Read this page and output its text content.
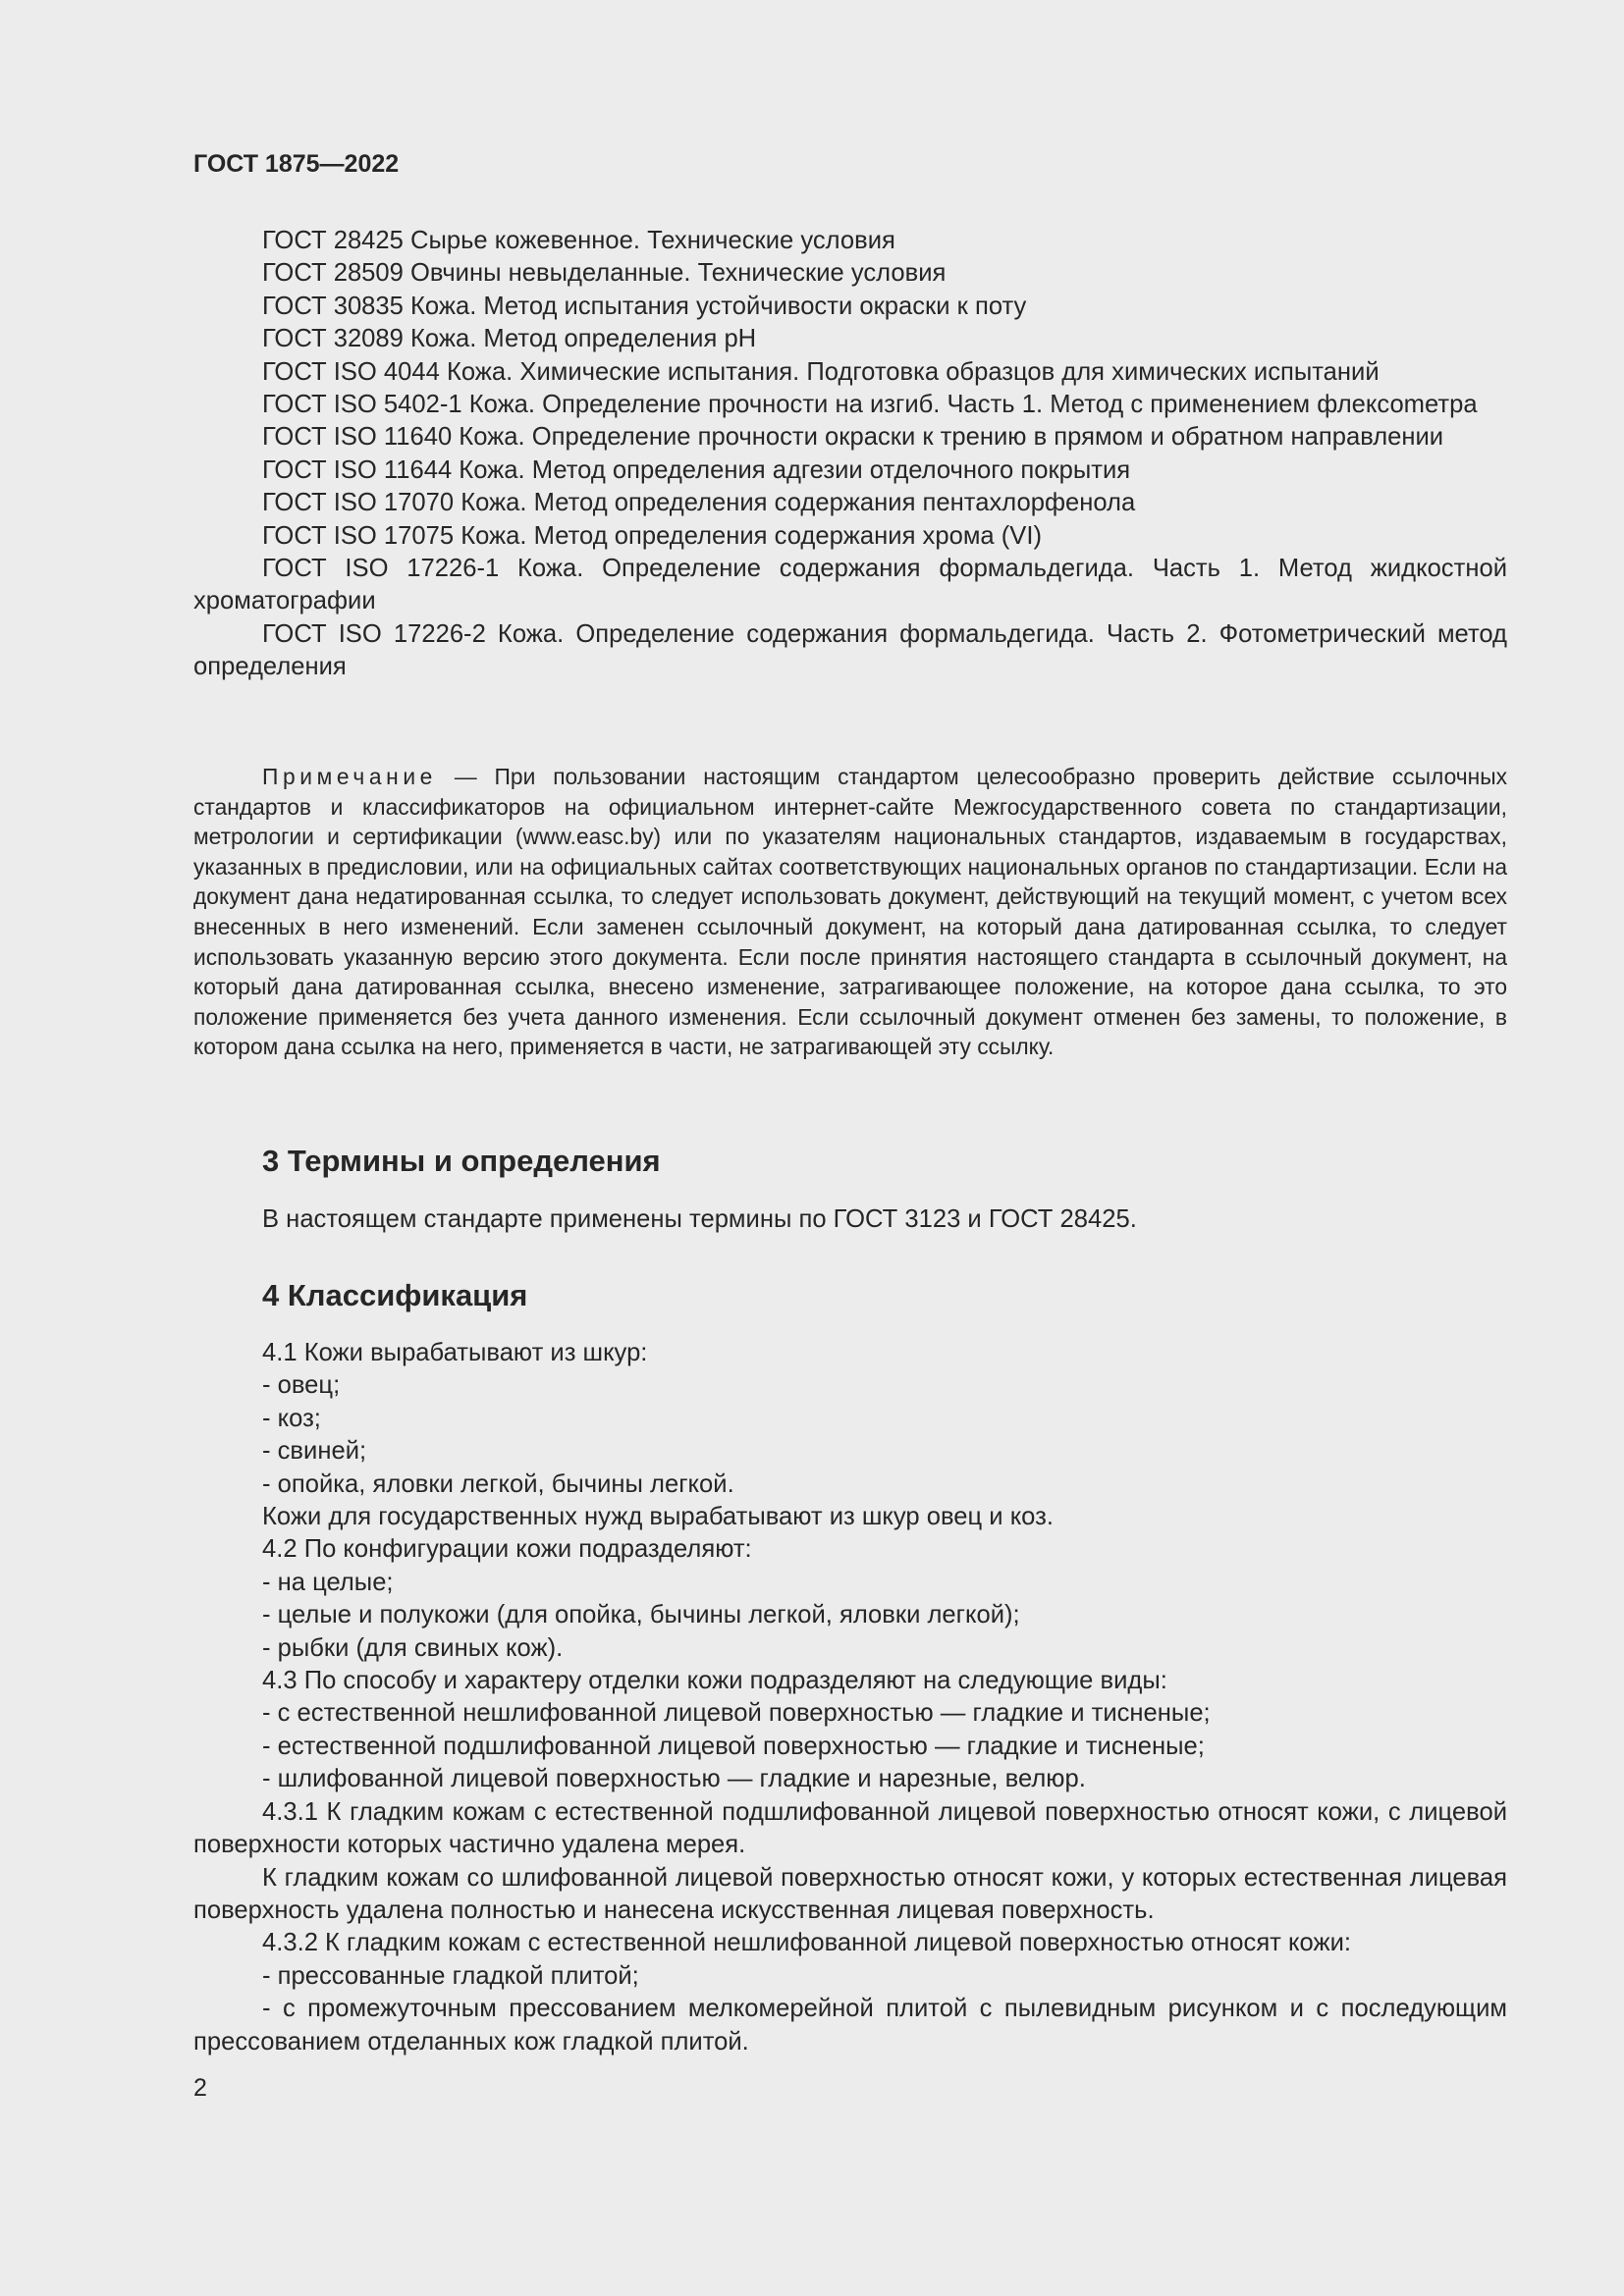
ГОСТ 1875—2022

ГОСТ 28425 Сырье кожевенное. Технические условия

ГОСТ 28509 Овчины невыделанные. Технические условия

ГОСТ 30835 Кожа. Метод испытания устойчивости окраски к поту

ГОСТ 32089 Кожа. Метод определения pH

ГОСТ ISO 4044 Кожа. Химические испытания. Подготовка образцов для химических испытаний

ГОСТ ISO 5402-1 Кожа. Определение прочности на изгиб. Часть 1. Метод с применением флексоmетра

ГОСТ ISO 11640 Кожа. Определение прочности окраски к трению в прямом и обратном направлении

ГОСТ ISO 11644 Кожа. Метод определения адгезии отделочного покрытия

ГОСТ ISO 17070 Кожа. Метод определения содержания пентахлорфенола

ГОСТ ISO 17075 Кожа. Метод определения содержания хрома (VI)

ГОСТ ISO 17226-1 Кожа. Определение содержания формальдегида. Часть 1. Метод жидкостной хроматографии

ГОСТ ISO 17226-2 Кожа. Определение содержания формальдегида. Часть 2. Фотометрический метод определения

Примечание — При пользовании настоящим стандартом целесообразно проверить действие ссылочных стандартов и классификаторов на официальном интернет-сайте Межгосударственного совета по стандартизации, метрологии и сертификации (www.easc.by) или по указателям национальных стандартов, издаваемым в государствах, указанных в предисловии, или на официальных сайтах соответствующих национальных органов по стандартизации. Если на документ дана недатированная ссылка, то следует использовать документ, действующий на текущий момент, с учетом всех внесенных в него изменений. Если заменен ссылочный документ, на который дана датированная ссылка, то следует использовать указанную версию этого документа. Если после принятия настоящего стандарта в ссылочный документ, на который дана датированная ссылка, внесено изменение, затрагивающее положение, на которое дана ссылка, то это положение применяется без учета данного изменения. Если ссылочный документ отменен без замены, то положение, в котором дана ссылка на него, применяется в части, не затрагивающей эту ссылку.

3 Термины и определения

В настоящем стандарте применены термины по ГОСТ 3123 и ГОСТ 28425.

4 Классификация

4.1 Кожи вырабатывают из шкур:

- овец;

- коз;

- свиней;

- опойка, яловки легкой, бычины легкой.

Кожи для государственных нужд вырабатывают из шкур овец и коз.

4.2 По конфигурации кожи подразделяют:

- на целые;

- целые и полукожи (для опойка, бычины легкой, яловки легкой);

- рыбки (для свиных кож).

4.3 По способу и характеру отделки кожи подразделяют на следующие виды:

- с естественной нешлифованной лицевой поверхностью — гладкие и тисненые;

- естественной подшлифованной лицевой поверхностью — гладкие и тисненые;

- шлифованной лицевой поверхностью — гладкие и нарезные, велюр.

4.3.1 К гладким кожам с естественной подшлифованной лицевой поверхностью относят кожи, с лицевой поверхности которых частично удалена мерея.

К гладким кожам со шлифованной лицевой поверхностью относят кожи, у которых естественная лицевая поверхность удалена полностью и нанесена искусственная лицевая поверхность.

4.3.2 К гладким кожам с естественной нешлифованной лицевой поверхностью относят кожи:

- прессованные гладкой плитой;

- с промежуточным прессованием мелкомерейной плитой с пылевидным рисунком и с последующим прессованием отделанных кож гладкой плитой.

2
